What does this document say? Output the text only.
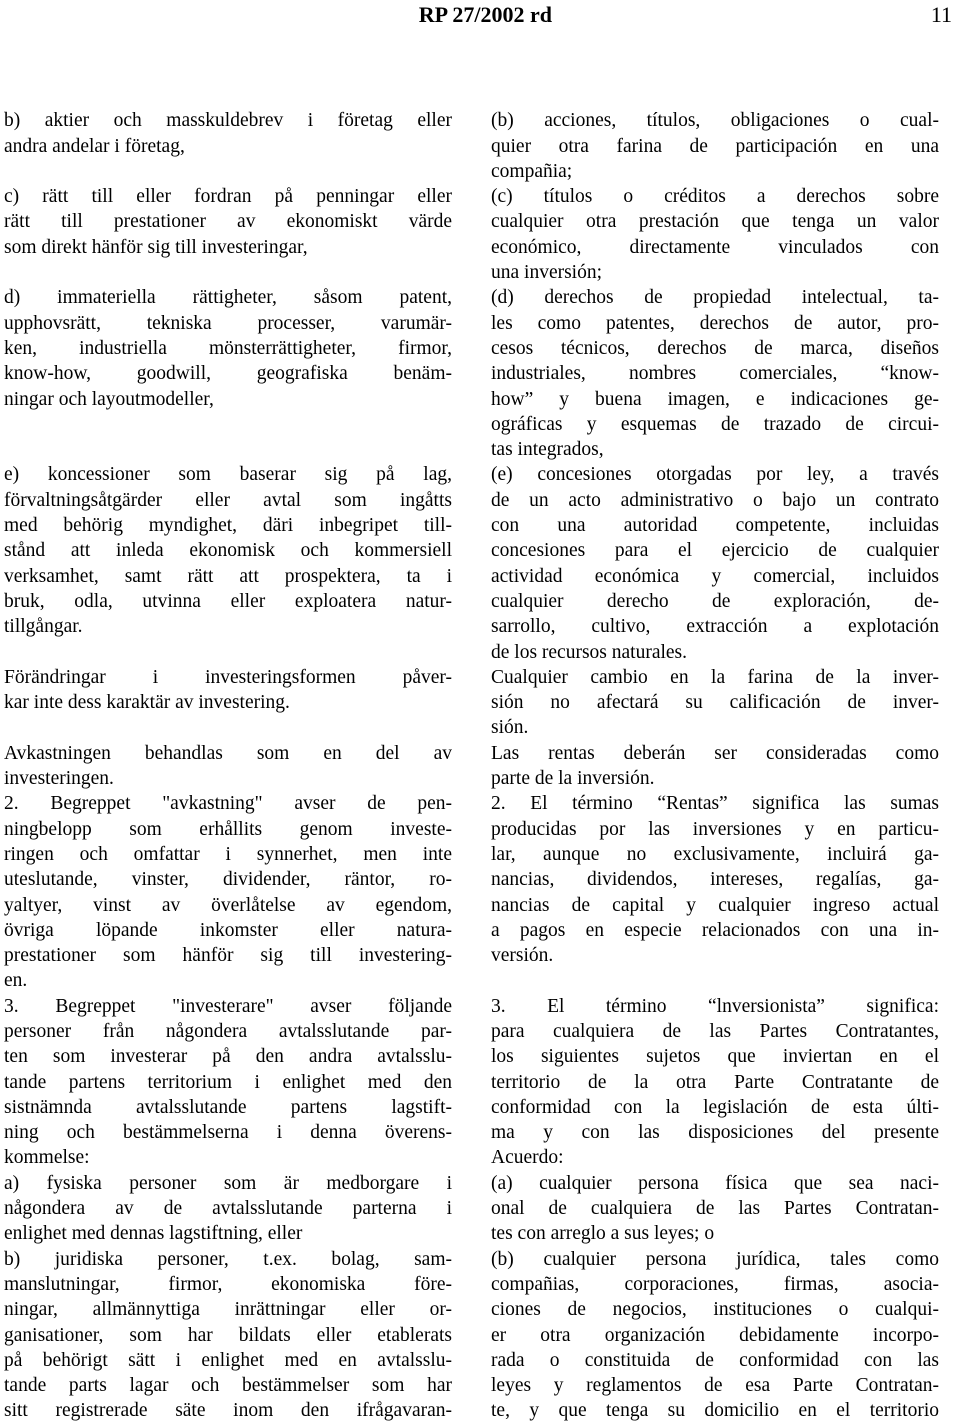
RP 27/2002 rd	11
b) aktier och masskuldebrev i företag eller
andra andelar i företag,
c) rätt till eller fordran på penningar eller
rätt till prestationer av ekonomiskt värde
som direkt hänför sig till investeringar,
d) immateriella rättigheter, såsom patent,
upphovsrätt, tekniska processer, varumär-
ken, industriella mönsterrättigheter, firmor,
know-how, goodwill, geografiska benäm-
ningar och layoutmodeller,
e) koncessioner som baserar sig på lag,
förvaltningsåtgärder eller avtal som ingåtts
med behörig myndighet, däri inbegripet till-
stånd att inleda ekonomisk och kommersiell
verksamhet, samt rätt att prospektera, ta i
bruk, odla, utvinna eller exploatera natur-
tillgångar.
Förändringar i investeringsformen påver-
kar inte dess karaktär av investering.
Avkastningen behandlas som en del av
investeringen.
2. Begreppet "avkastning" avser de pen-
ningbelopp som erhållits genom investe-
ringen och omfattar i synnerhet, men inte
uteslutande, vinster, dividender, räntor, ro-
yaltyer, vinst av överlåtelse av egendom,
övriga löpande inkomster eller natura-
prestationer som hänför sig till investering-
en.
3. Begreppet "investerare" avser följande
personer från någondera avtalsslutande par-
ten som investerar på den andra avtalsslu-
tande partens territorium i enlighet med den
sistnämnda avtalsslutande partens lagstift-
ning och bestämmelserna i denna överens-
kommelse:
a) fysiska personer som är medborgare i
någondera av de avtalsslutande parterna i
enlighet med dennas lagstiftning, eller
b) juridiska personer, t.ex. bolag, sam-
manslutningar, firmor, ekonomiska före-
ningar, allmännyttiga inrättningar eller or-
ganisationer, som har bildats eller etablerats
på behörigt sätt i enlighet med en avtalsslu-
tande parts lagar och bestämmelser som har
sitt registrerade säte inom den ifrågavaran-
(b) acciones, títulos, obligaciones o cual-
quier otra farina de participación en una
compañia;
(c) títulos o créditos a derechos sobre
cualquier otra prestación que tenga un valor
económico, directamente vinculados con
una inversión;
(d) derechos de propiedad intelectual, ta-
les como patentes, derechos de autor, pro-
cesos técnicos, derechos de marca, diseños
industriales, nombres comerciales, “know-
how” y buena imagen, e indicaciones ge-
ográficas y esquemas de trazado de circui-
tas integrados,
(e) concesiones otorgadas por ley, a través
de un acto administrativo o bajo un contrato
con una autoridad competente, incluidas
concesiones para el ejercicio de cualquier
actividad económica y comercial, incluidos
cualquier derecho de exploración, de-
sarrollo, cultivo, extracción a explotación
de los recursos naturales.
Cualquier cambio en la farina de la inver-
sión no afectará su calificación de inver-
sión.
Las rentas deberán ser consideradas como
parte de la inversión.
2. El término “Rentas” significa las sumas
producidas por las inversiones y en particu-
lar, aunque no exclusivamente, incluirá ga-
nancias, dividendos, intereses, regalías, ga-
nancias de capital y cualquier ingreso actual
a pagos en especie relacionados con una in-
versión.
3. El término “lnversionista” significa:
para cualquiera de las Partes Contratantes,
los siguientes sujetos que inviertan en el
territorio de la otra Parte Contratante de
conformidad con la legislación de esta últi-
ma y con las disposiciones del presente
Acuerdo:
(a) cualquier persona física que sea naci-
onal de cualquiera de las Partes Contratan-
tes con arreglo a sus leyes; o
(b) cualquier persona jurídica, tales como
compañias, corporaciones, firmas, asocia-
ciones de negocios, instituciones o cualqui-
er otra organización debidamente incorpo-
rada o constituida de conformidad con las
leyes y reglamentos de esa Parte Contratan-
te, y que tenga su domicilio en el territorio
